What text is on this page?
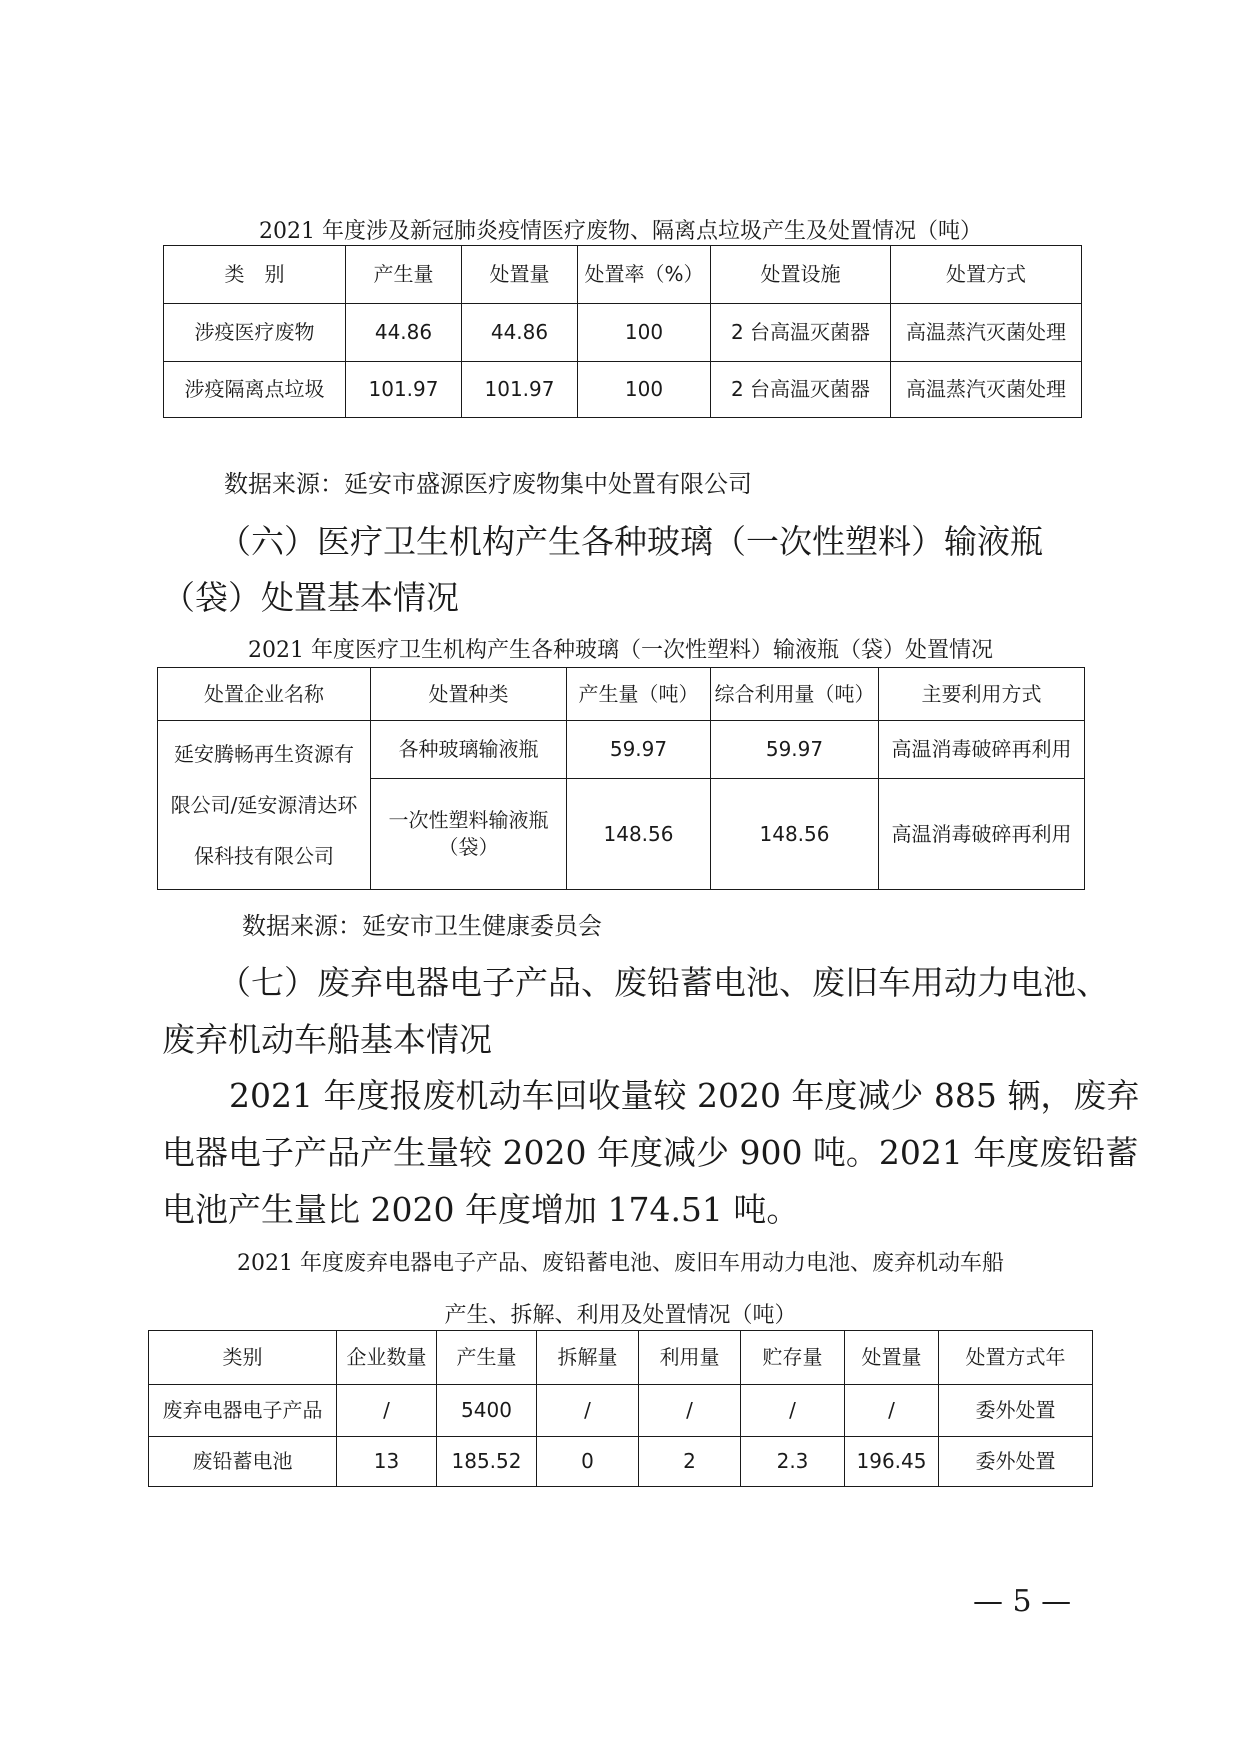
2021 年度涉及新冠肺炎疫情医疗废物、隔离点垃圾产生及处置情况（吨）
类　别	产生量	处置量	处置率（%）	处置设施	处置方式
涉疫医疗废物	44.86	44.86	100	2 台高温灭菌器	高温蒸汽灭菌处理
涉疫隔离点垃圾	101.97	101.97	100	2 台高温灭菌器	高温蒸汽灭菌处理
数据来源：延安市盛源医疗废物集中处置有限公司
（六）医疗卫生机构产生各种玻璃（一次性塑料）输液瓶
（袋）处置基本情况
2021 年度医疗卫生机构产生各种玻璃（一次性塑料）输液瓶（袋）处置情况
处置企业名称	处置种类	产生量（吨）	综合利用量（吨）	主要利用方式

延安腾畅再生资源有
限公司/延安源清达环
保科技有限公司	各种玻璃输液瓶	59.97	59.97	高温消毒破碎再利用

	一次性塑料输液瓶
（袋）	148.56	148.56	高温消毒破碎再利用
数据来源：延安市卫生健康委员会
（七）废弃电器电子产品、废铅蓄电池、废旧车用动力电池、
废弃机动车船基本情况
2021 年度报废机动车回收量较 2020 年度减少 885 辆，废弃
电器电子产品产生量较 2020 年度减少 900 吨。2021 年度废铅蓄
电池产生量比 2020 年度增加 174.51 吨。
2021 年度废弃电器电子产品、废铅蓄电池、废旧车用动力电池、废弃机动车船
产生、拆解、利用及处置情况（吨）
类别	企业数量	产生量	拆解量	利用量	贮存量	处置量	处置方式年
废弃电器电子产品	/	5400	/	/	/	/	委外处置
废铅蓄电池	13	185.52	0	2	2.3	196.45	委外处置
— 5 —
